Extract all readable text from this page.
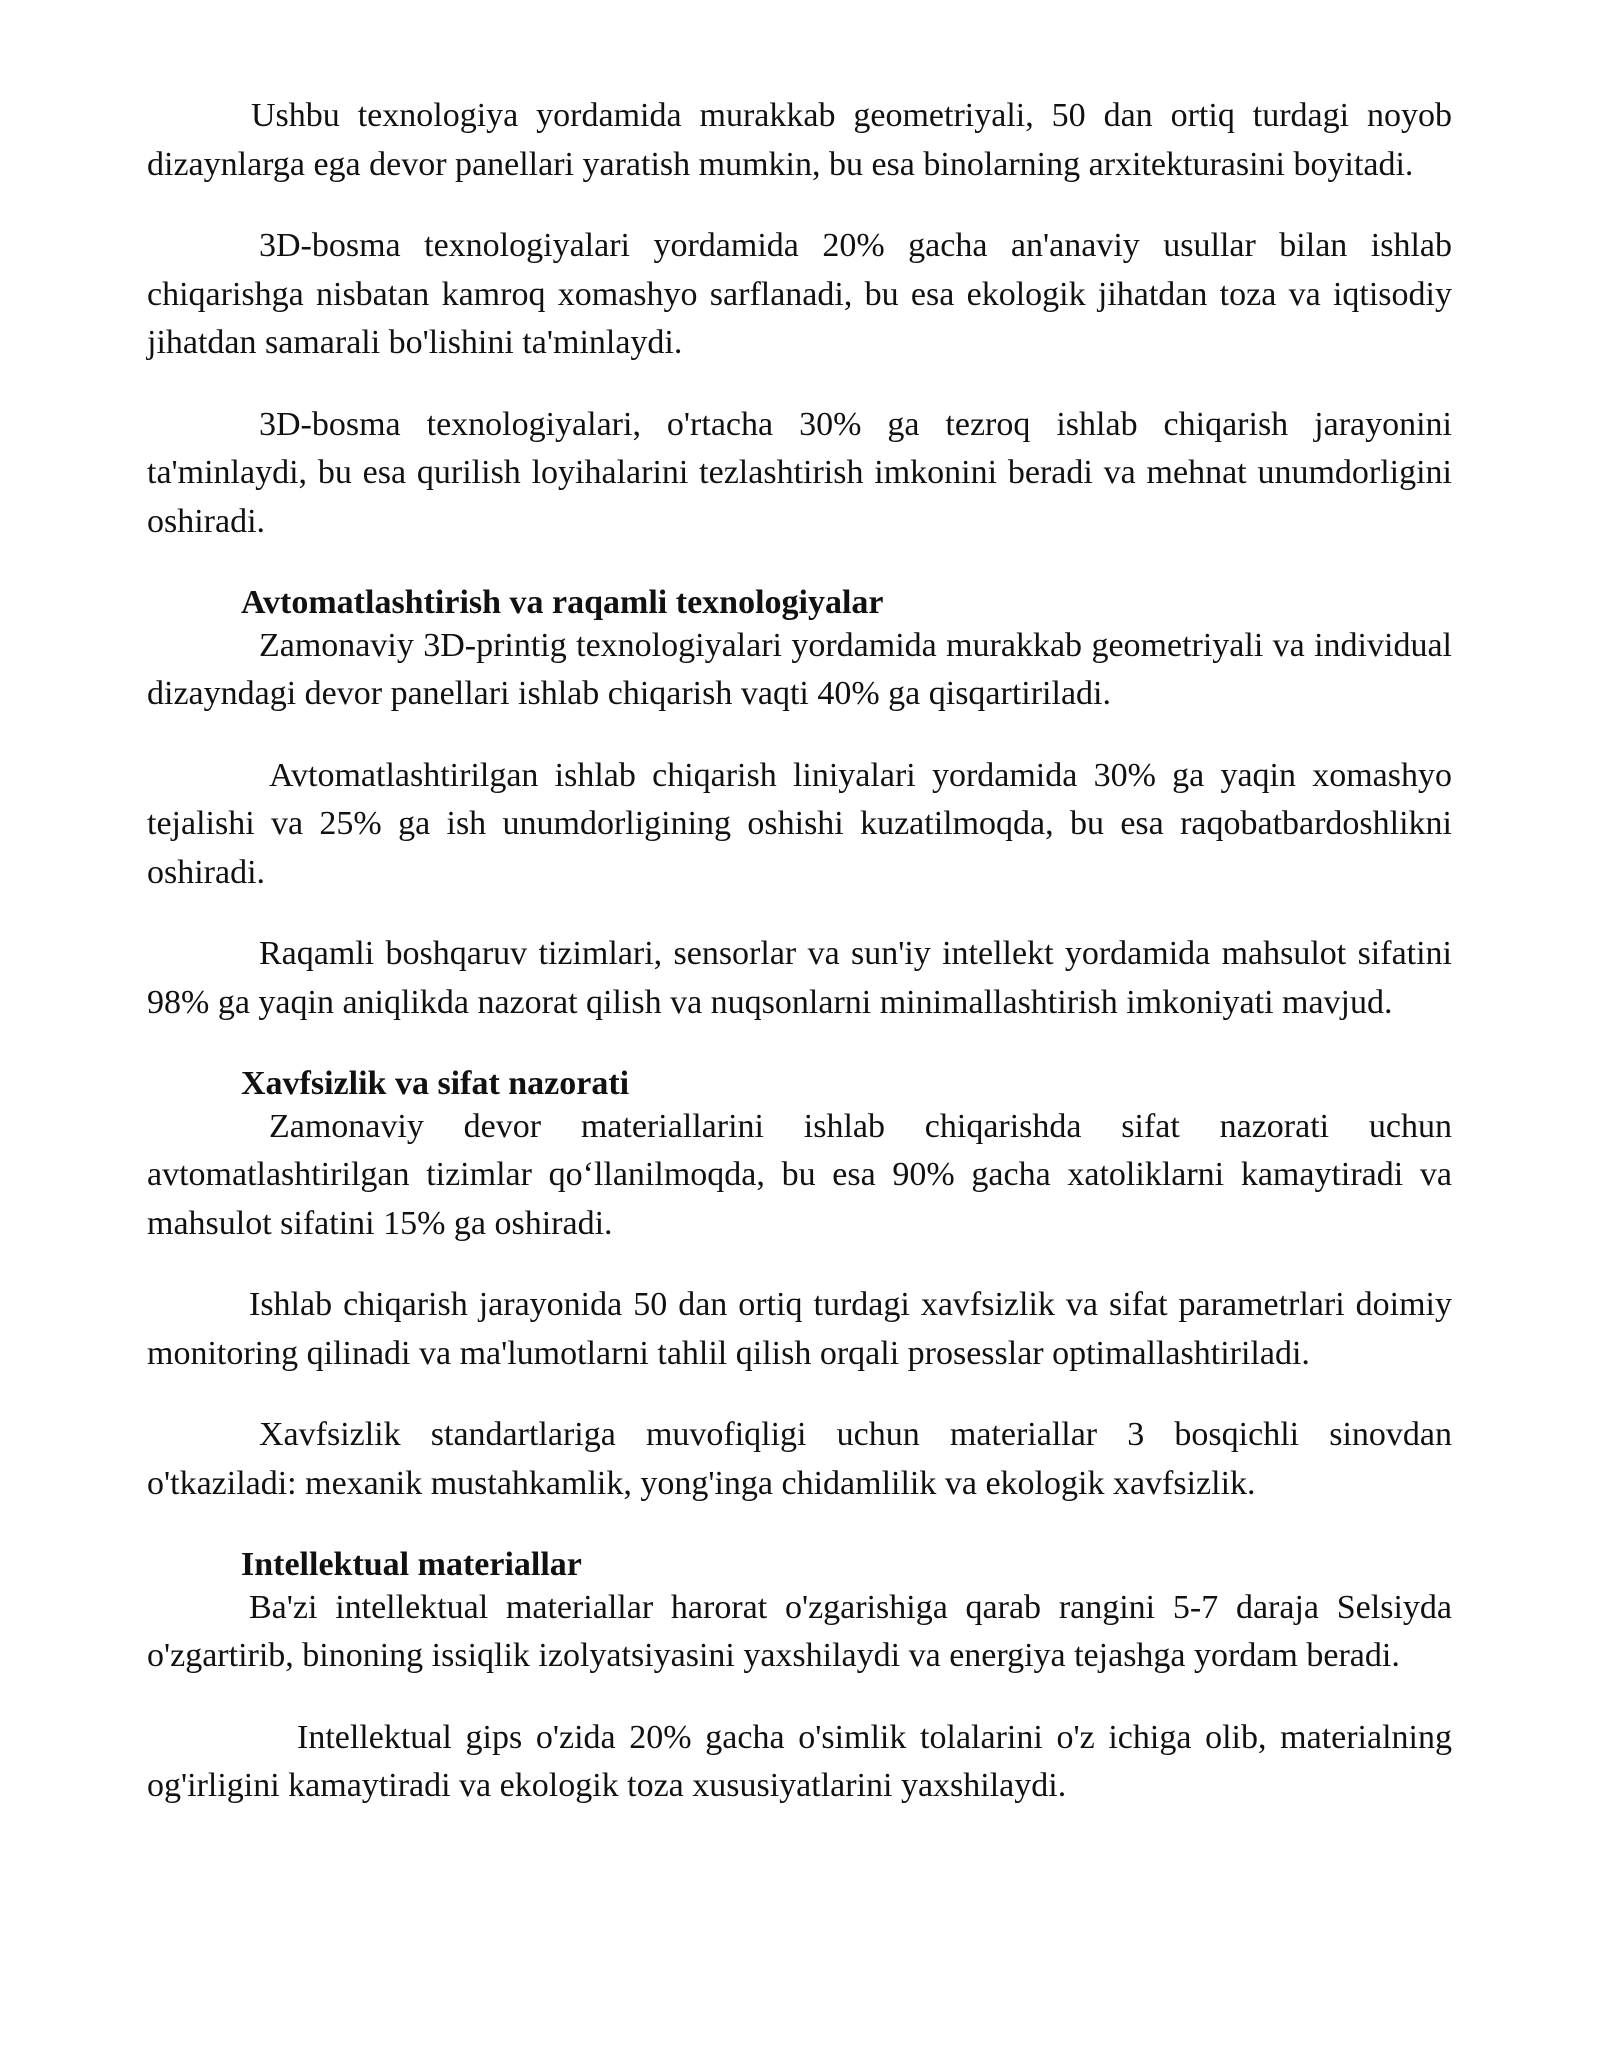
Ushbu texnologiya yordamida murakkab geometriyali, 50 dan ortiq turdagi noyob dizaynlarga ega devor panellari yaratish mumkin, bu esa binolarning arxitekturasini boyitadi.

3D-bosma texnologiyalari yordamida 20% gacha an'anaviy usullar bilan ishlab chiqarishga nisbatan kamroq xomashyo sarflanadi, bu esa ekologik jihatdan toza va iqtisodiy jihatdan samarali bo'lishini ta'minlaydi.

3D-bosma texnologiyalari, o'rtacha 30% ga tezroq ishlab chiqarish jarayonini ta'minlaydi, bu esa qurilish loyihalarini tezlashtirish imkonini beradi va mehnat unumdorligini oshiradi.

Avtomatlashtirish va raqamli texnologiyalar

Zamonaviy 3D-printig texnologiyalari yordamida murakkab geometriyali va individual dizayndagi devor panellari ishlab chiqarish vaqti 40% ga qisqartiriladi.

Avtomatlashtirilgan ishlab chiqarish liniyalari yordamida 30% ga yaqin xomashyo tejalishi va 25% ga ish unumdorligining oshishi kuzatilmoqda, bu esa raqobatbardoshlikni oshiradi.

Raqamli boshqaruv tizimlari, sensorlar va sun'iy intellekt yordamida mahsulot sifatini 98% ga yaqin aniqlikda nazorat qilish va nuqsonlarni minimallashtirish imkoniyati mavjud.

Xavfsizlik va sifat nazorati

Zamonaviy devor materiallarini ishlab chiqarishda sifat nazorati uchun avtomatlashtirilgan tizimlar qo‘llanilmoqda, bu esa 90% gacha xatoliklarni kamaytiradi va mahsulot sifatini 15% ga oshiradi.

Ishlab chiqarish jarayonida 50 dan ortiq turdagi xavfsizlik va sifat parametrlari doimiy monitoring qilinadi va ma'lumotlarni tahlil qilish orqali prosesslar optimallashtiriladi.

Xavfsizlik standartlariga muvofiqligi uchun materiallar 3 bosqichli sinovdan o'tkaziladi: mexanik mustahkamlik, yong'inga chidamlilik va ekologik xavfsizlik.

Intellektual materiallar

Ba'zi intellektual materiallar harorat o'zgarishiga qarab rangini 5-7 daraja Selsiyda o'zgartirib, binoning issiqlik izolyatsiyasini yaxshilaydi va energiya tejashga yordam beradi.

Intellektual gips o'zida 20% gacha o'simlik tolalarini o'z ichiga olib, materialning og'irligini kamaytiradi va ekologik toza xususiyatlarini yaxshilaydi.
